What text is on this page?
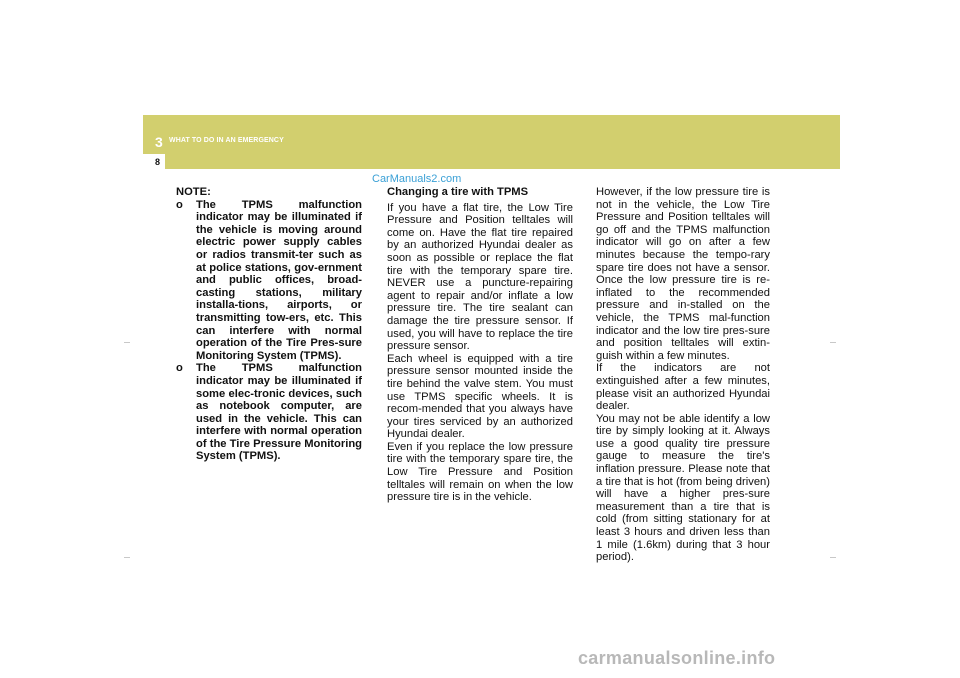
3 WHAT TO DO IN AN EMERGENCY
8
CarManuals2.com

NOTE:

o The TPMS malfunction indicator may be illuminated if the vehicle is moving around electric power supply cables or radios transmit-ter such as at police stations, gov-ernment and public offices, broad-casting stations, military installa-tions, airports, or transmitting tow-ers, etc. This can interfere with normal operation of the Tire Pres-sure Monitoring System (TPMS).

o The TPMS malfunction indicator may be illuminated if some elec-tronic devices, such as notebook computer, are used in the vehicle. This can interfere with normal operation of the Tire Pressure Monitoring System (TPMS).

Changing a tire with TPMS

If you have a flat tire, the Low Tire Pressure and Position telltales will come on. Have the flat tire repaired by an authorized Hyundai dealer as soon as possible or replace the flat tire with the temporary spare tire. NEVER use a puncture-repairing agent to repair and/or inflate a low pressure tire. The tire sealant can damage the tire pressure sensor. If used, you will have to replace the tire pressure sensor.

Each wheel is equipped with a tire pressure sensor mounted inside the tire behind the valve stem. You must use TPMS specific wheels. It is recom-mended that you always have your tires serviced by an authorized Hyundai dealer.

Even if you replace the low pressure tire with the temporary spare tire, the Low Tire Pressure and Position telltales will remain on when the low pressure tire is in the vehicle.

However, if the low pressure tire is not in the vehicle, the Low Tire Pressure and Position telltales will go off and the TPMS malfunction indicator will go on after a few minutes because the tempo-rary spare tire does not have a sensor. Once the low pressure tire is re-inflated to the recommended pressure and in-stalled on the vehicle, the TPMS mal-function indicator and the low tire pres-sure and position telltales will extin-guish within a few minutes.

If the indicators are not extinguished after a few minutes, please visit an authorized Hyundai dealer.

You may not be able identify a low tire by simply looking at it. Always use a good quality tire pressure gauge to measure the tire's inflation pressure. Please note that a tire that is hot (from being driven) will have a higher pres-sure measurement than a tire that is cold (from sitting stationary for at least 3 hours and driven less than 1 mile (1.6km) during that 3 hour period).

carmanualsonline.info
